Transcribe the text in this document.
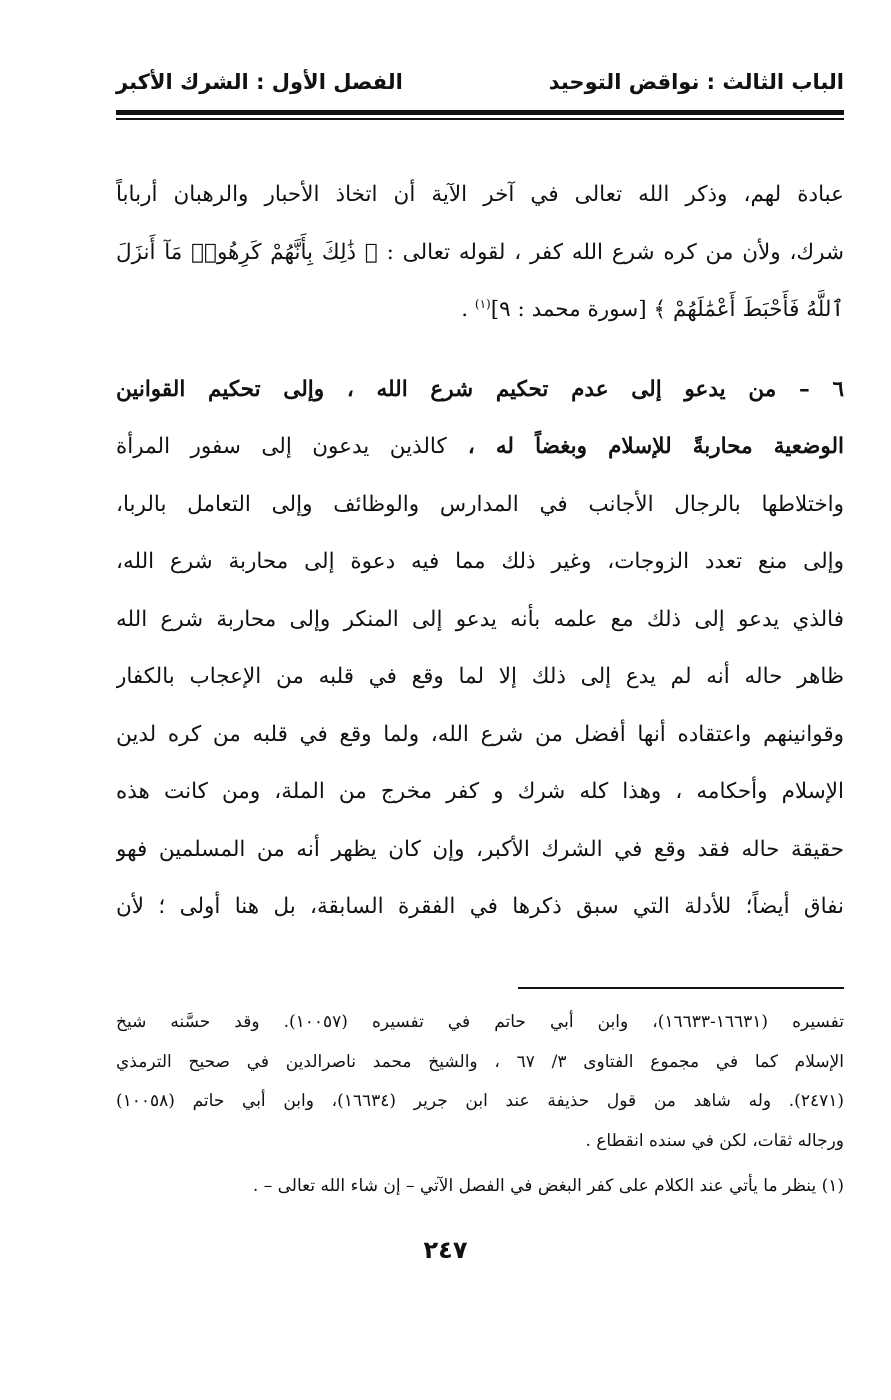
الباب الثالث : نواقض التوحيد
الفصل الأول : الشرك الأكبر
عبادة لهم، وذكر الله تعالى في آخر الآية أن اتخاذ الأحبار والرهبان أرباباً
شرك، ولأن من كره شرع الله كفر ، لقوله تعالى : ﴿ ذَٰلِكَ بِأَنَّهُمْ كَرِهُوا۟ مَآ أَنزَلَ
ٱللَّهُ فَأَحْبَطَ أَعْمَٰلَهُمْ ﴾ [سورة محمد : ٩]$^{(١)}$ .
٦ – من يدعو إلى عدم تحكيم شرع الله ، وإلى تحكيم القوانين
الوضعية محاربةً للإسلام وبغضاً له ، كالذين يدعون إلى سفور المرأة
واختلاطها بالرجال الأجانب في المدارس والوظائف وإلى التعامل بالربا،
وإلى منع تعدد الزوجات، وغير ذلك مما فيه دعوة إلى محاربة شرع الله،
فالذي يدعو إلى ذلك مع علمه بأنه يدعو إلى المنكر وإلى محاربة شرع الله
ظاهر حاله أنه لم يدع إلى ذلك إلا لما وقع في قلبه من الإعجاب بالكفار
وقوانينهم واعتقاده أنها أفضل من شرع الله، ولما وقع في قلبه من كره لدين
الإسلام وأحكامه ، وهذا كله شرك و كفر مخرج من الملة، ومن كانت هذه
حقيقة حاله فقد وقع في الشرك الأكبر، وإن كان يظهر أنه من المسلمين فهو
نفاق أيضاً؛ للأدلة التي سبق ذكرها في الفقرة السابقة، بل هنا أولى ؛ لأن
تفسيره (١٦٦٣١-١٦٦٣٣)، وابن أبي حاتم في تفسيره (١٠٠٥٧). وقد حسَّنه شيخ
الإسلام كما في مجموع الفتاوى ٣/ ٦٧ ، والشيخ محمد ناصرالدين في صحيح الترمذي
(٢٤٧١). وله شاهد من قول حذيفة عند ابن جرير (١٦٦٣٤)، وابن أبي حاتم (١٠٠٥٨)
ورجاله ثقات، لكن في سنده انقطاع .
(١) ينظر ما يأتي عند الكلام على كفر البغض في الفصل الآتي – إن شاء الله تعالى – .
٢٤٧
